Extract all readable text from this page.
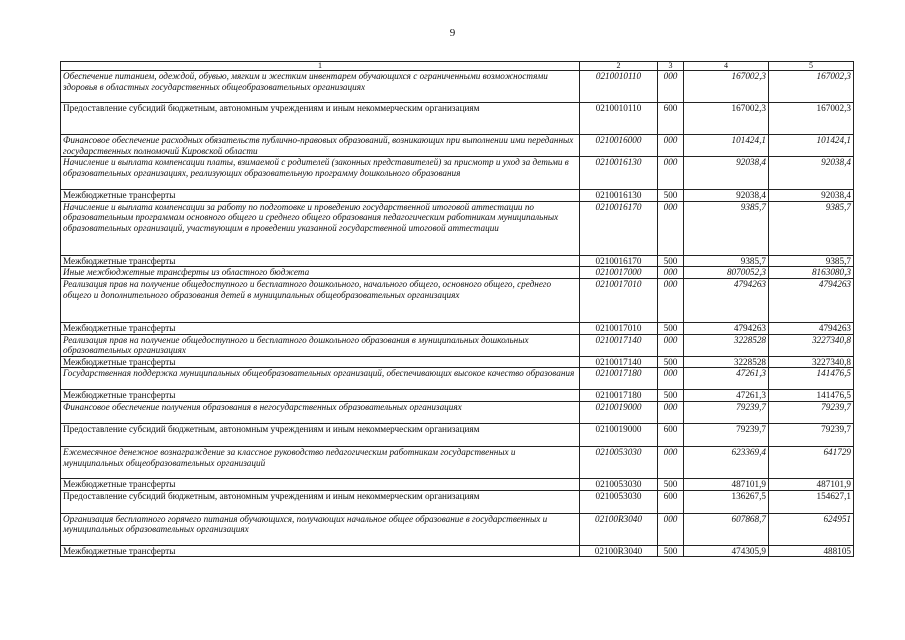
9
1	2	3	4	5
Обеспечение питанием, одеждой, обувью, мягким и жестким инвентарем обучающихся с ограниченными возможностями здоровья в областных государственных общеобразовательных организациях	0210010110	000	167002,3	167002,3
Предоставление субсидий бюджетным, автономным учреждениям и иным некоммерческим организациям	0210010110	600	167002,3	167002,3
Финансовое обеспечение расходных обязательств публично-правовых образований, возникающих при выполнении ими переданных государственных полномочий Кировской области	0210016000	000	101424,1	101424,1
Начисление и выплата компенсации платы, взимаемой с родителей (законных представителей) за присмотр и уход за детьми в образовательных организациях, реализующих образовательную программу дошкольного образования	0210016130	000	92038,4	92038,4
Межбюджетные трансферты	0210016130	500	92038,4	92038,4
Начисление и выплата компенсации за работу по подготовке и проведению государственной итоговой аттестации по образовательным программам основного общего и среднего общего образования педагогическим работникам муниципальных образовательных организаций, участвующим в проведении указанной государственной итоговой аттестации	0210016170	000	9385,7	9385,7
Межбюджетные трансферты	0210016170	500	9385,7	9385,7
Иные межбюджетные трансферты из областного бюджета	0210017000	000	8070052,3	8163080,3
Реализация прав на получение общедоступного и бесплатного дошкольного, начального общего, основного общего, среднего общего и дополнительного образования детей в муниципальных общеобразовательных организациях	0210017010	000	4794263	4794263
Межбюджетные трансферты	0210017010	500	4794263	4794263
Реализация прав на получение общедоступного и бесплатного дошкольного образования в муниципальных дошкольных образовательных организациях	0210017140	000	3228528	3227340,8
Межбюджетные трансферты	0210017140	500	3228528	3227340,8
Государственная поддержка муниципальных общеобразовательных организаций, обеспечивающих высокое качество образования	0210017180	000	47261,3	141476,5
Межбюджетные трансферты	0210017180	500	47261,3	141476,5
Финансовое обеспечение получения образования в негосударственных образовательных организациях	0210019000	000	79239,7	79239,7
Предоставление субсидий бюджетным, автономным учреждениям и иным некоммерческим организациям	0210019000	600	79239,7	79239,7
Ежемесячное денежное вознаграждение за классное руководство педагогическим работникам государственных и муниципальных общеобразовательных организаций	0210053030	000	623369,4	641729
Межбюджетные трансферты	0210053030	500	487101,9	487101,9
Предоставление субсидий бюджетным, автономным учреждениям и иным некоммерческим организациям	0210053030	600	136267,5	154627,1
Организация бесплатного горячего питания обучающихся, получающих начальное общее образование в государственных и муниципальных образовательных организациях	02100R3040	000	607868,7	624951
Межбюджетные трансферты	02100R3040	500	474305,9	488105
